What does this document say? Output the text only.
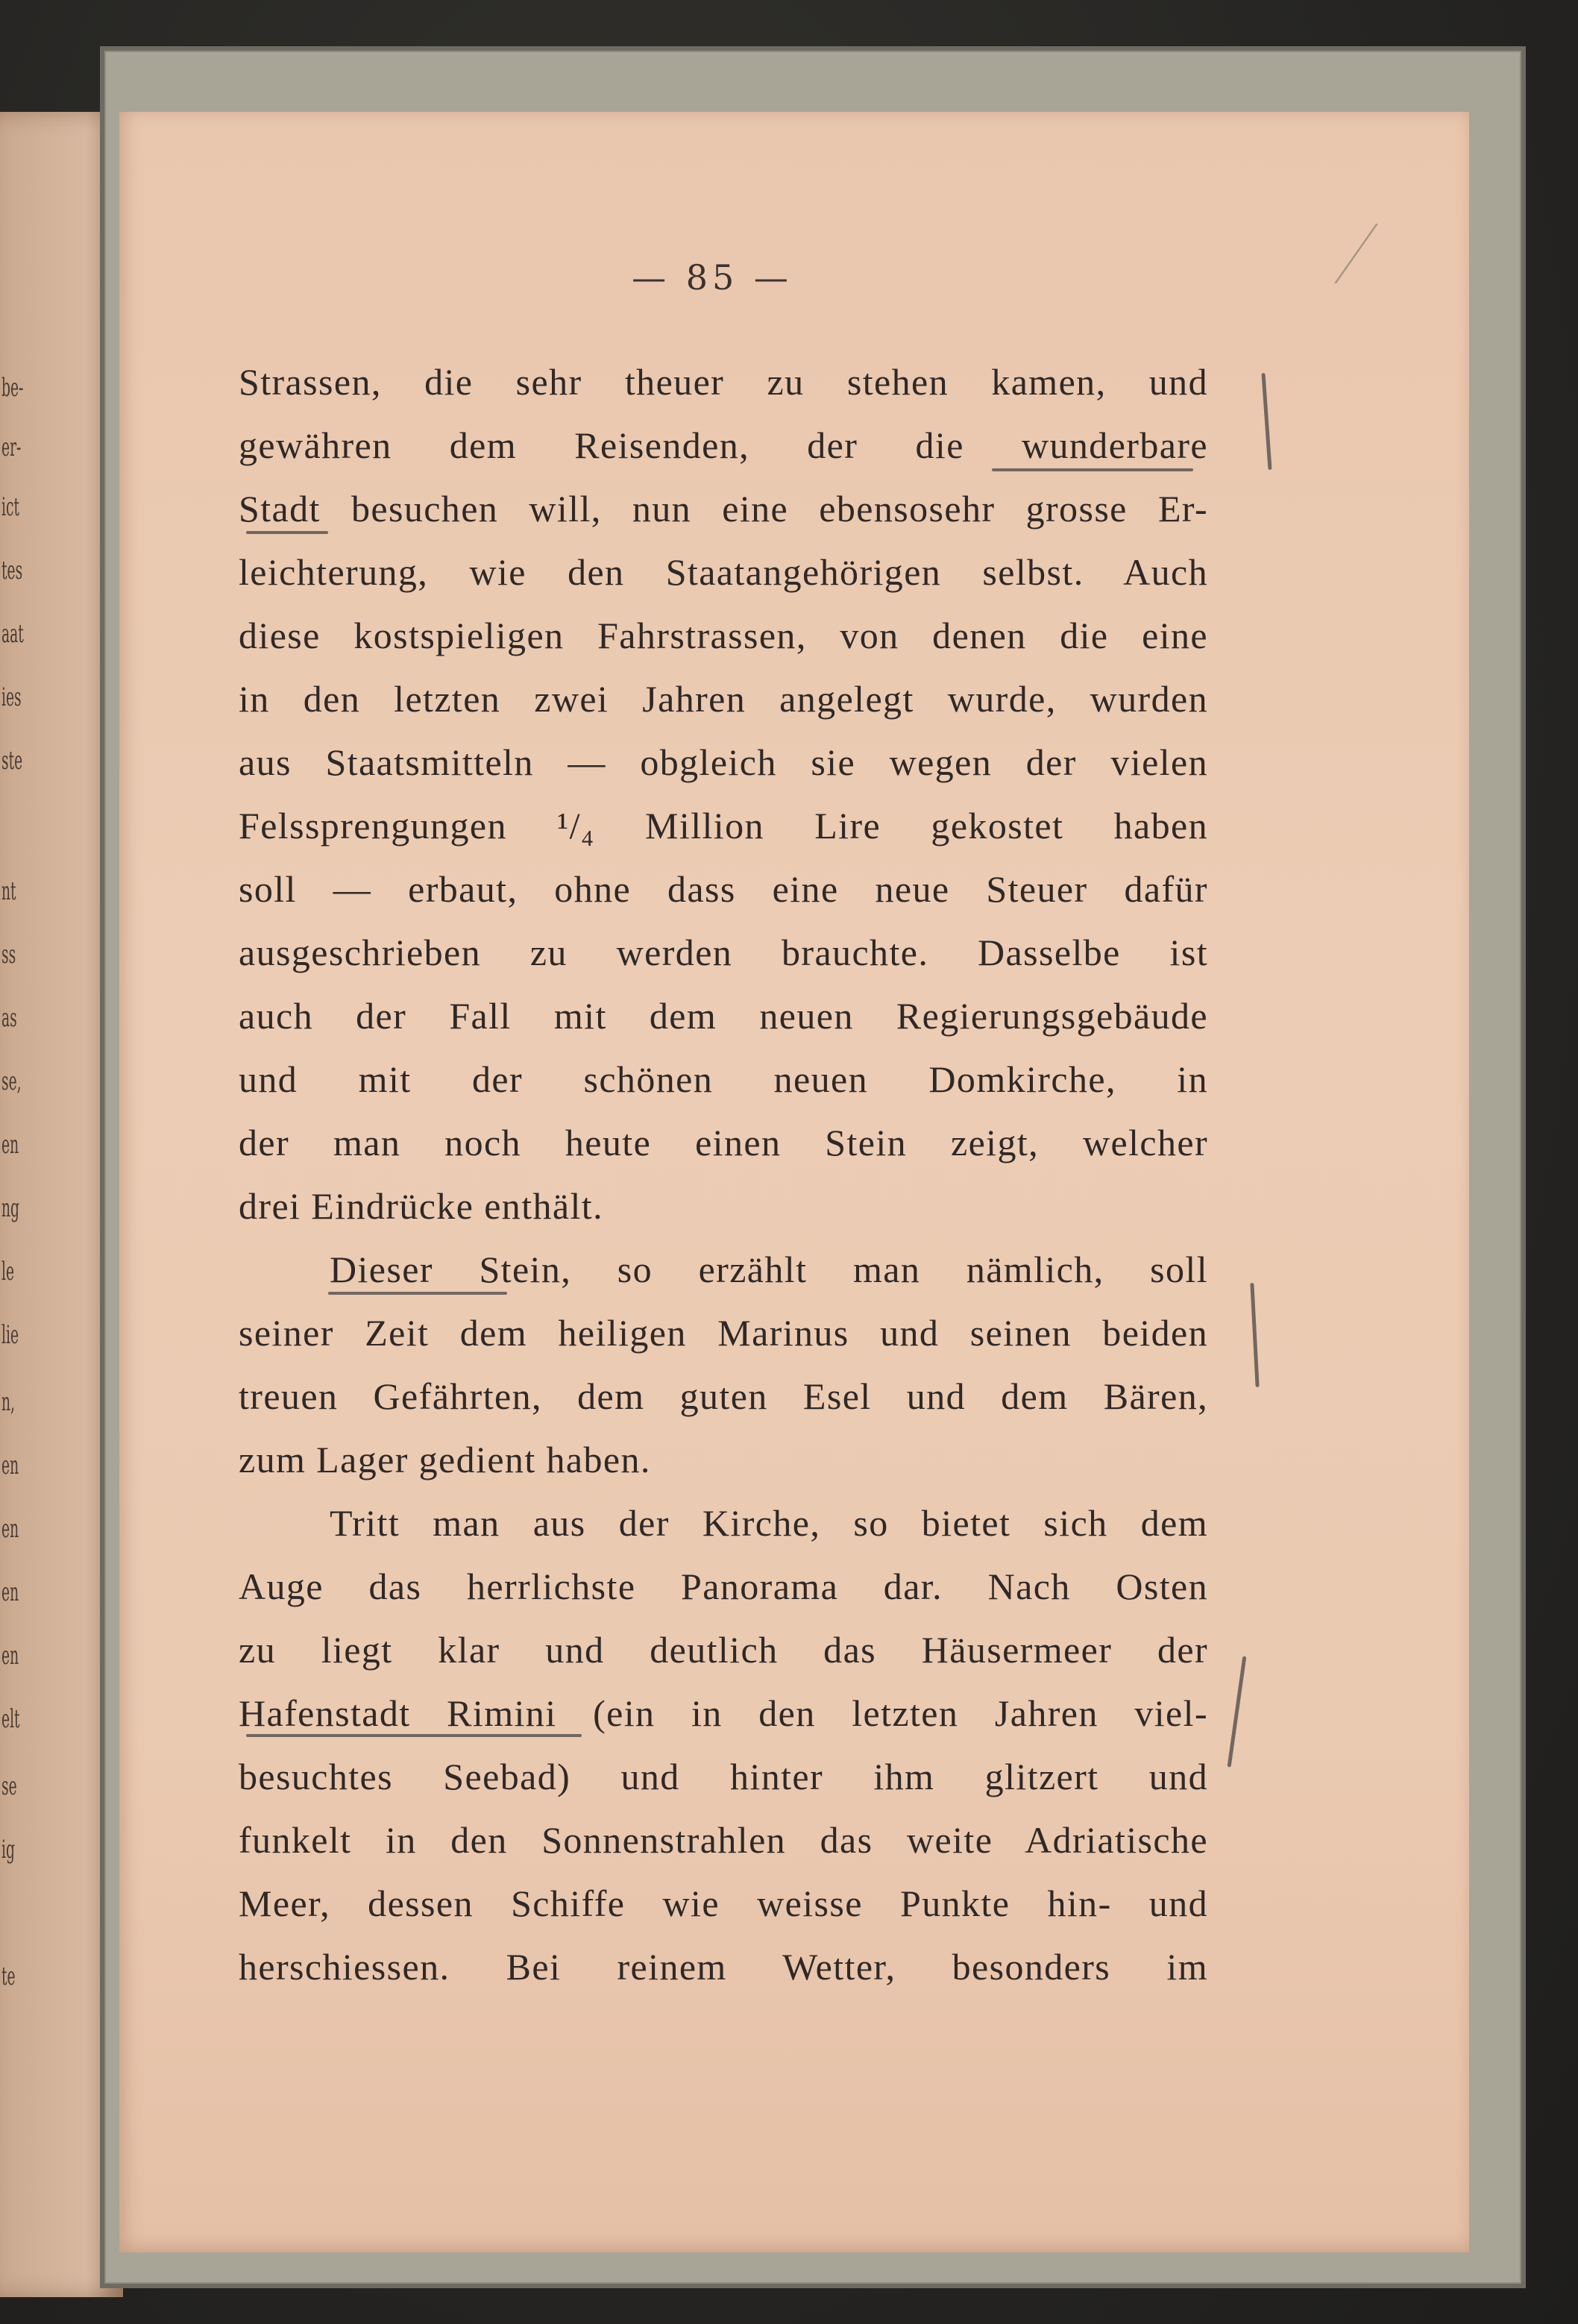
be-
er-
ict
tes
aat
ies
ste
nt
ss
as
se,
en
ng
le
lie
n,
en
en
en
en
elt
se
ig
te
— 85 —
Strassen, die sehr theuer zu stehen kamen, und
gewähren dem Reisenden, der die wunderbare
Stadt besuchen will, nun eine ebensosehr grosse Er-
leichterung, wie den Staatangehörigen selbst. Auch
diese kostspieligen Fahrstrassen, von denen die eine
in den letzten zwei Jahren angelegt wurde, wurden
aus Staatsmitteln — obgleich sie wegen der vielen
Felssprengungen ¹/₄ Million Lire gekostet haben
soll — erbaut, ohne dass eine neue Steuer dafür
ausgeschrieben zu werden brauchte. Dasselbe ist
auch der Fall mit dem neuen Regierungsgebäude
und mit der schönen neuen Domkirche, in
der man noch heute einen Stein zeigt, welcher
drei Eindrücke enthält.
Dieser Stein, so erzählt man nämlich, soll
seiner Zeit dem heiligen Marinus und seinen beiden
treuen Gefährten, dem guten Esel und dem Bären,
zum Lager gedient haben.
Tritt man aus der Kirche, so bietet sich dem
Auge das herrlichste Panorama dar. Nach Osten
zu liegt klar und deutlich das Häusermeer der
Hafenstadt Rimini (ein in den letzten Jahren viel-
besuchtes Seebad) und hinter ihm glitzert und
funkelt in den Sonnenstrahlen das weite Adriatische
Meer, dessen Schiffe wie weisse Punkte hin- und
herschiessen. Bei reinem Wetter, besonders im
